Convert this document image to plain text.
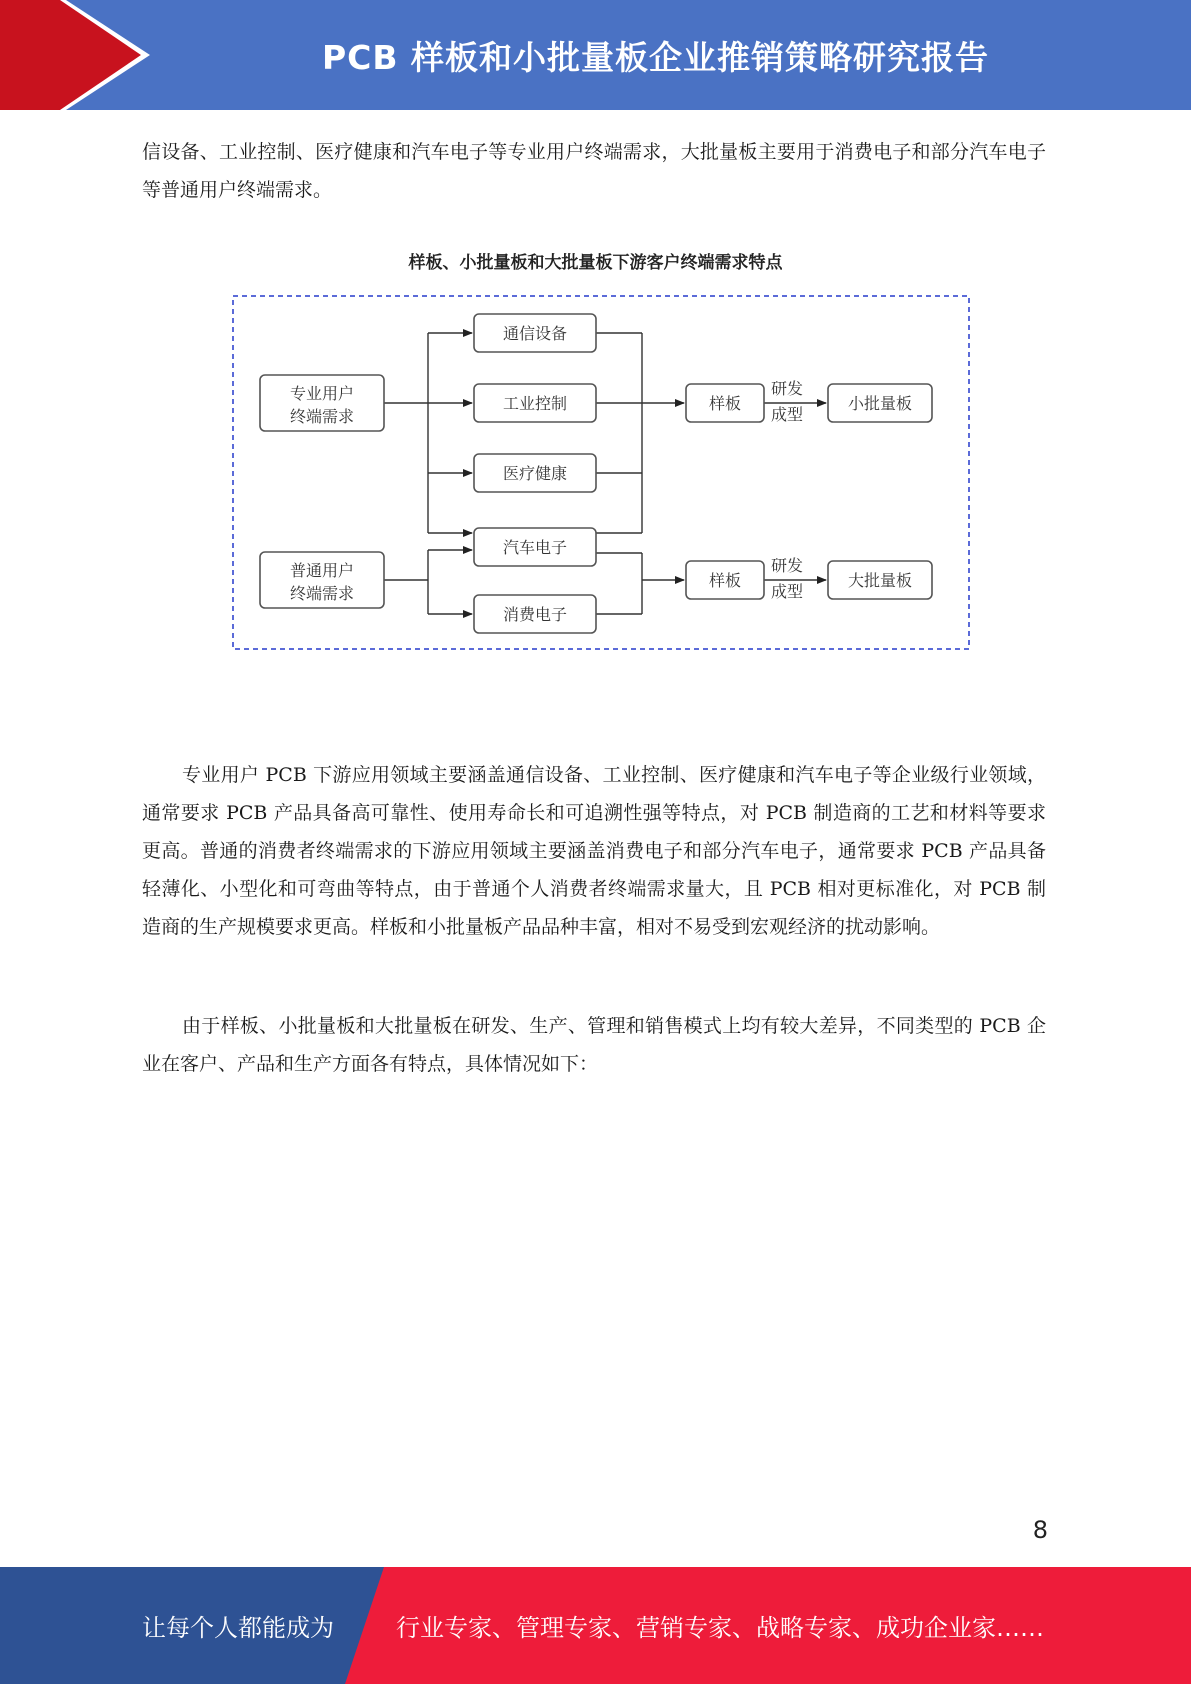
PCB 样板和小批量板企业推销策略研究报告

信设备、工业控制、医疗健康和汽车电子等专业用户终端需求，大批量板主要用于消费电子和部分汽车电子等普通用户终端需求。

样板、小批量板和大批量板下游客户终端需求特点
专业用户
终端需求
普通用户
终端需求
通信设备
工业控制
医疗健康
汽车电子
消费电子
样板
研发
成型
小批量板
样板
研发
成型
大批量板

专业用户 PCB 下游应用领域主要涵盖通信设备、工业控制、医疗健康和汽车电子等企业级行业领域，通常要求 PCB 产品具备高可靠性、使用寿命长和可追溯性强等特点，对 PCB 制造商的工艺和材料等要求更高。普通的消费者终端需求的下游应用领域主要涵盖消费电子和部分汽车电子，通常要求 PCB 产品具备轻薄化、小型化和可弯曲等特点，由于普通个人消费者终端需求量大，且 PCB 相对更标准化，对 PCB 制造商的生产规模要求更高。样板和小批量板产品品种丰富，相对不易受到宏观经济的扰动影响。

由于样板、小批量板和大批量板在研发、生产、管理和销售模式上均有较大差异，不同类型的 PCB 企业在客户、产品和生产方面各有特点，具体情况如下：

8
让每个人都能成为	行业专家、管理专家、营销专家、战略专家、成功企业家……
